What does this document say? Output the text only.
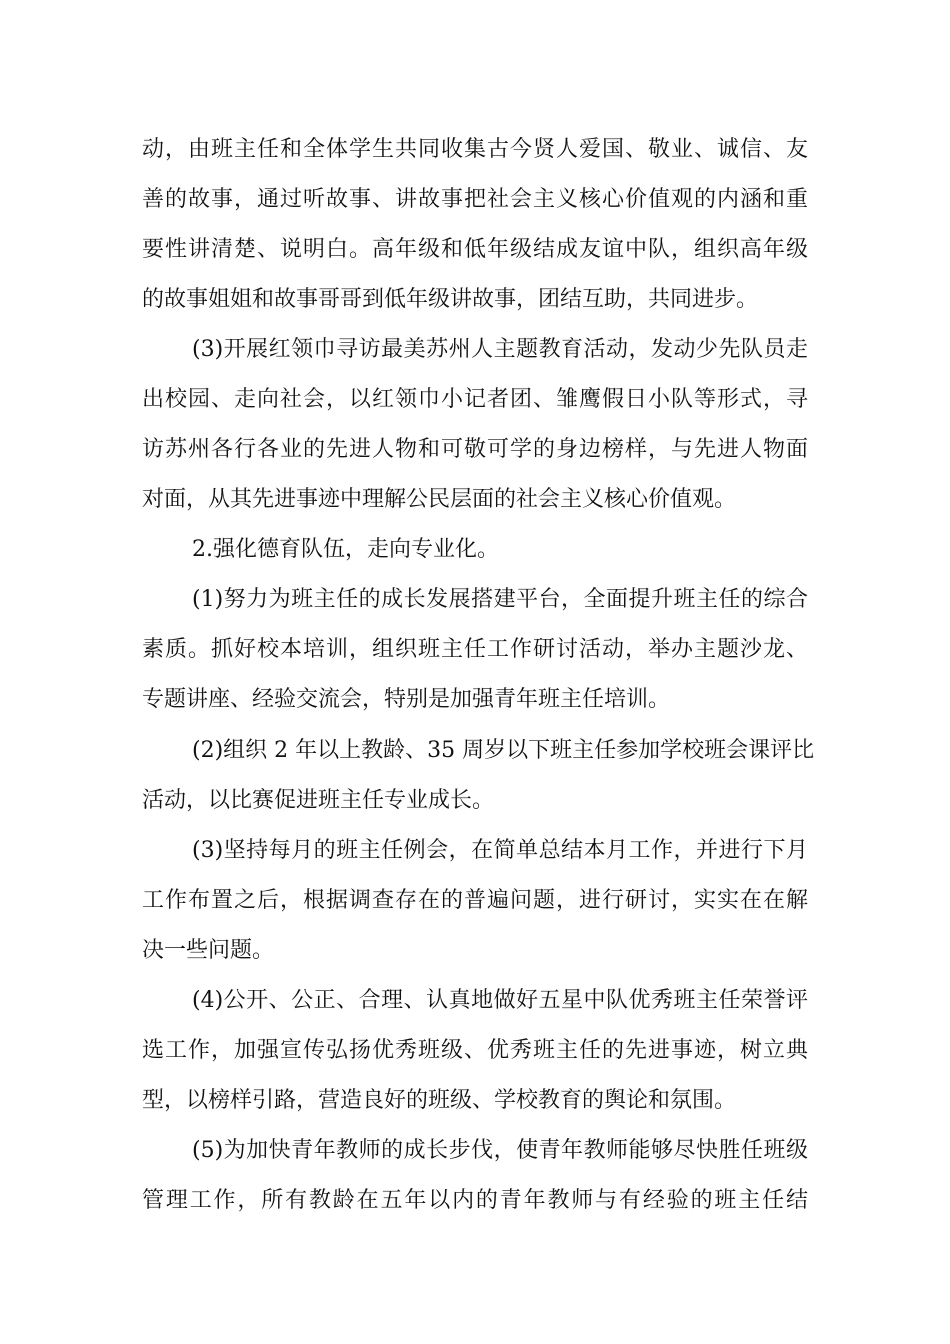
动，由班主任和全体学生共同收集古今贤人爱国、敬业、诚信、友
善的故事，通过听故事、讲故事把社会主义核心价值观的内涵和重
要性讲清楚、说明白。高年级和低年级结成友谊中队，组织高年级
的故事姐姐和故事哥哥到低年级讲故事，团结互助，共同进步。
(3)开展红领巾寻访最美苏州人主题教育活动，发动少先队员走
出校园、走向社会，以红领巾小记者团、雏鹰假日小队等形式，寻
访苏州各行各业的先进人物和可敬可学的身边榜样，与先进人物面
对面，从其先进事迹中理解公民层面的社会主义核心价值观。
2.强化德育队伍，走向专业化。
(1)努力为班主任的成长发展搭建平台，全面提升班主任的综合
素质。抓好校本培训，组织班主任工作研讨活动，举办主题沙龙、
专题讲座、经验交流会，特别是加强青年班主任培训。
(2)组织 2 年以上教龄、35 周岁以下班主任参加学校班会课评比
活动，以比赛促进班主任专业成长。
(3)坚持每月的班主任例会，在简单总结本月工作，并进行下月
工作布置之后，根据调查存在的普遍问题，进行研讨，实实在在解
决一些问题。
(4)公开、公正、合理、认真地做好五星中队优秀班主任荣誉评
选工作，加强宣传弘扬优秀班级、优秀班主任的先进事迹，树立典
型，以榜样引路，营造良好的班级、学校教育的舆论和氛围。
(5)为加快青年教师的成长步伐，使青年教师能够尽快胜任班级
管理工作，所有教龄在五年以内的青年教师与有经验的班主任结
